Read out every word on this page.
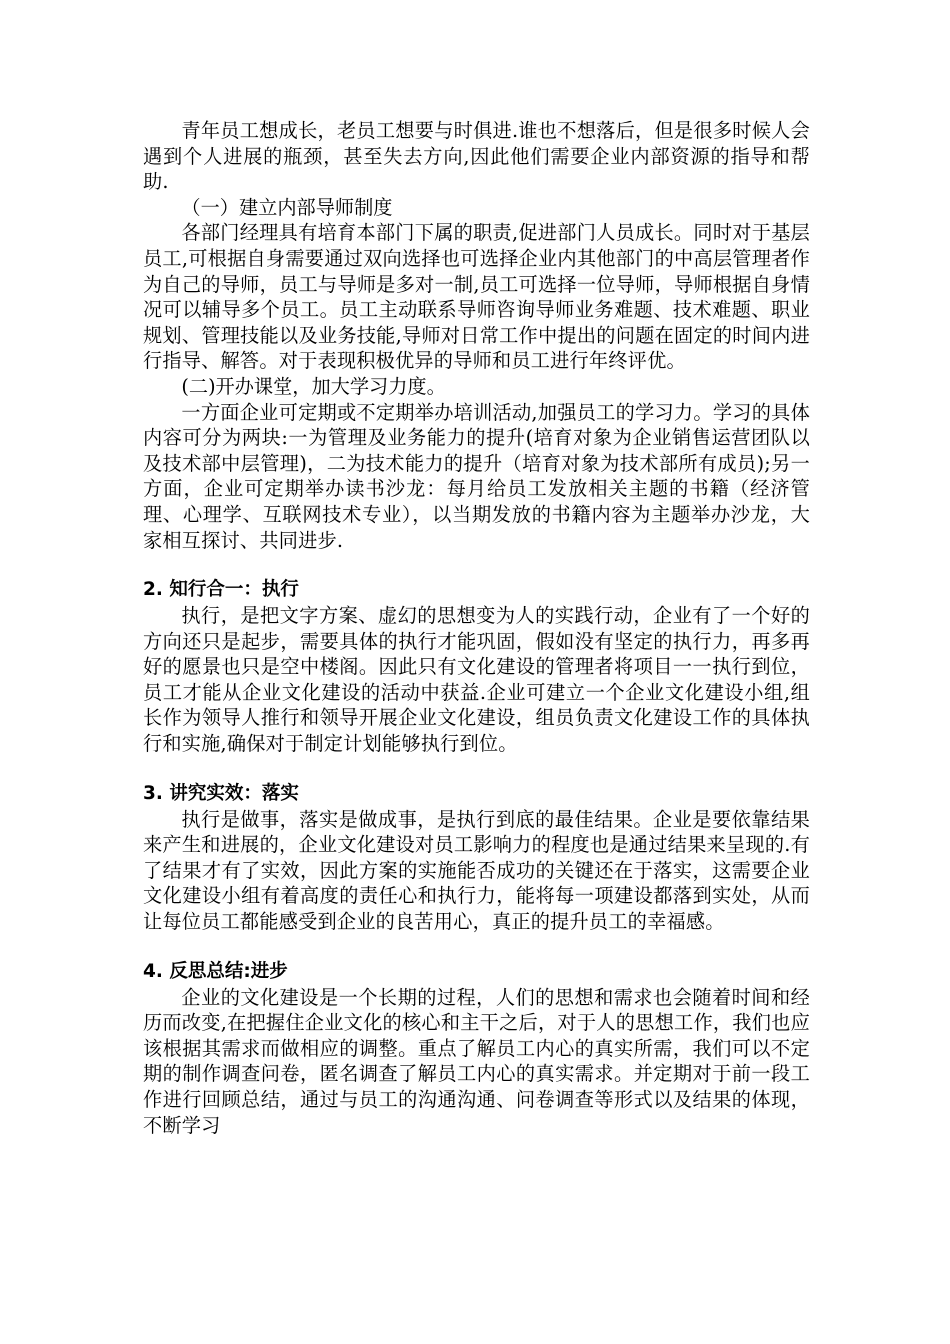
青年员工想成长，老员工想要与时俱进.谁也不想落后，但是很多时候人会遇到个人进展的瓶颈，甚至失去方向,因此他们需要企业内部资源的指导和帮助.

（一）建立内部导师制度

各部门经理具有培育本部门下属的职责,促进部门人员成长。同时对于基层员工,可根据自身需要通过双向选择也可选择企业内其他部门的中高层管理者作为自己的导师，员工与导师是多对一制,员工可选择一位导师，导师根据自身情况可以辅导多个员工。员工主动联系导师咨询导师业务难题、技术难题、职业规划、管理技能以及业务技能,导师对日常工作中提出的问题在固定的时间内进行指导、解答。对于表现积极优异的导师和员工进行年终评优。

(二)开办课堂，加大学习力度。

一方面企业可定期或不定期举办培训活动,加强员工的学习力。学习的具体内容可分为两块:一为管理及业务能力的提升(培育对象为企业销售运营团队以及技术部中层管理)，二为技术能力的提升（培育对象为技术部所有成员);另一方面，企业可定期举办读书沙龙：每月给员工发放相关主题的书籍（经济管理、心理学、互联网技术专业），以当期发放的书籍内容为主题举办沙龙，大家相互探讨、共同进步.

2. 知行合一：执行

执行，是把文字方案、虚幻的思想变为人的实践行动，企业有了一个好的方向还只是起步，需要具体的执行才能巩固，假如没有坚定的执行力，再多再好的愿景也只是空中楼阁。因此只有文化建设的管理者将项目一一执行到位，员工才能从企业文化建设的活动中获益.企业可建立一个企业文化建设小组,组长作为领导人推行和领导开展企业文化建设，组员负责文化建设工作的具体执行和实施,确保对于制定计划能够执行到位。

3. 讲究实效：落实

执行是做事，落实是做成事，是执行到底的最佳结果。企业是要依靠结果来产生和进展的，企业文化建设对员工影响力的程度也是通过结果来呈现的.有了结果才有了实效，因此方案的实施能否成功的关键还在于落实，这需要企业文化建设小组有着高度的责任心和执行力，能将每一项建设都落到实处，从而让每位员工都能感受到企业的良苦用心，真正的提升员工的幸福感。

4. 反思总结:进步

企业的文化建设是一个长期的过程，人们的思想和需求也会随着时间和经历而改变,在把握住企业文化的核心和主干之后，对于人的思想工作，我们也应该根据其需求而做相应的调整。重点了解员工内心的真实所需，我们可以不定期的制作调查问卷，匿名调查了解员工内心的真实需求。并定期对于前一段工作进行回顾总结，通过与员工的沟通沟通、问卷调查等形式以及结果的体现，不断学习
